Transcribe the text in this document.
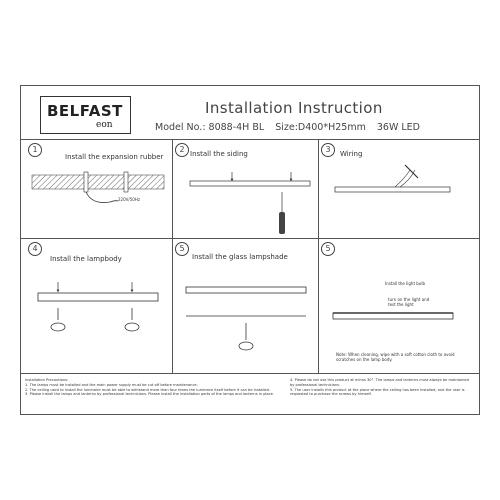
BELFAST
eon
Installation Instruction
Model No.: 8088-4H BL Size:D400*H25mm 36W LED
1	2	3
4	5	5
Install the expansion rubber	Install the siding	Wiring
Install the lampbody	Install the glass lampshade
220V/50Hz
Install the light bulb
turn on the light and
test the light
Note: When cleaning, wipe with a soft cotton cloth to avoid
scratches on the lamp body.
Installation Precautions:
1. The lamps must be installed and the main power supply must be cut off before maintenance.
2. The ceiling used to install the luminaire must be able to withstand more than four times the luminaire itself before it can be installed.
3. Please install the lamps and lanterns by professional technicians. Please install the installation parts of the lamps and lanterns in place.
4. Please do not use this product at minus 30°. The lamps and lanterns must always be maintained
by professional technicians.
5. The user installs this product at the place where the ceiling has been installed, and the user is
requested to purchase the screws by himself.
